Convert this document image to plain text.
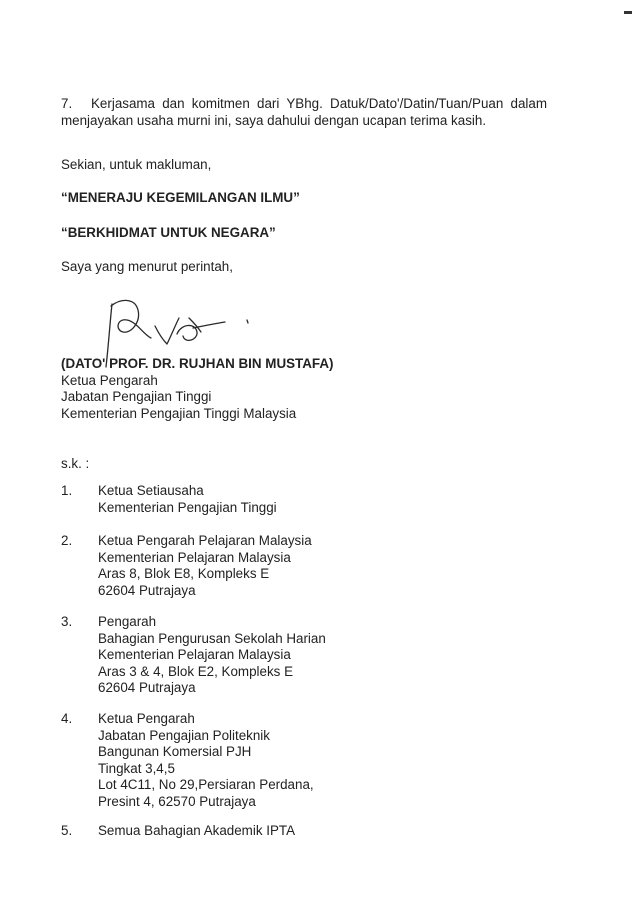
7. Kerjasama dan komitmen dari YBhg. Datuk/Dato'/Datin/Tuan/Puan dalam menjayakan usaha murni ini, saya dahului dengan ucapan terima kasih.

Sekian, untuk makluman,
“MENERAJU KEGEMILANGAN ILMU”
“BERKHIDMAT UNTUK NEGARA”
Saya yang menurut perintah,
(DATO' PROF. DR. RUJHAN BIN MUSTAFA)
Ketua Pengarah
Jabatan Pengajian Tinggi
Kementerian Pengajian Tinggi Malaysia
s.k. :
1. Ketua Setiausaha
Kementerian Pengajian Tinggi
2. Ketua Pengarah Pelajaran Malaysia
Kementerian Pelajaran Malaysia
Aras 8, Blok E8, Kompleks E
62604 Putrajaya
3. Pengarah
Bahagian Pengurusan Sekolah Harian
Kementerian Pelajaran Malaysia
Aras 3 & 4, Blok E2, Kompleks E
62604 Putrajaya
4. Ketua Pengarah
Jabatan Pengajian Politeknik
Bangunan Komersial PJH
Tingkat 3,4,5
Lot 4C11, No 29,Persiaran Perdana,
Presint 4, 62570 Putrajaya
5. Semua Bahagian Akademik IPTA
